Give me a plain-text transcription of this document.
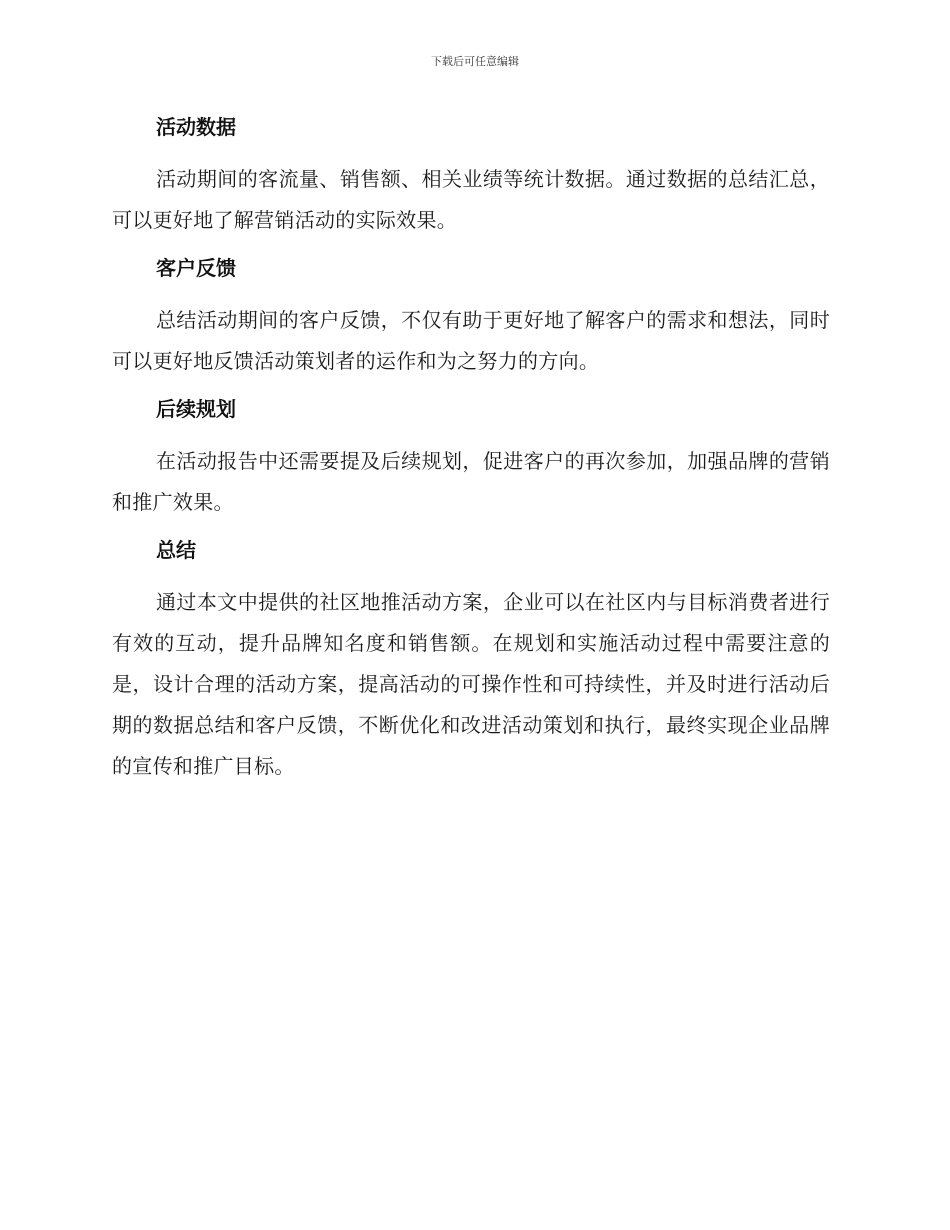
下载后可任意编辑
活动数据

活动期间的客流量、销售额、相关业绩等统计数据。通过数据的总结汇总，可以更好地了解营销活动的实际效果。

客户反馈

总结活动期间的客户反馈，不仅有助于更好地了解客户的需求和想法，同时可以更好地反馈活动策划者的运作和为之努力的方向。

后续规划

在活动报告中还需要提及后续规划，促进客户的再次参加，加强品牌的营销和推广效果。

总结

通过本文中提供的社区地推活动方案，企业可以在社区内与目标消费者进行有效的互动，提升品牌知名度和销售额。在规划和实施活动过程中需要注意的是，设计合理的活动方案，提高活动的可操作性和可持续性，并及时进行活动后期的数据总结和客户反馈，不断优化和改进活动策划和执行，最终实现企业品牌的宣传和推广目标。
